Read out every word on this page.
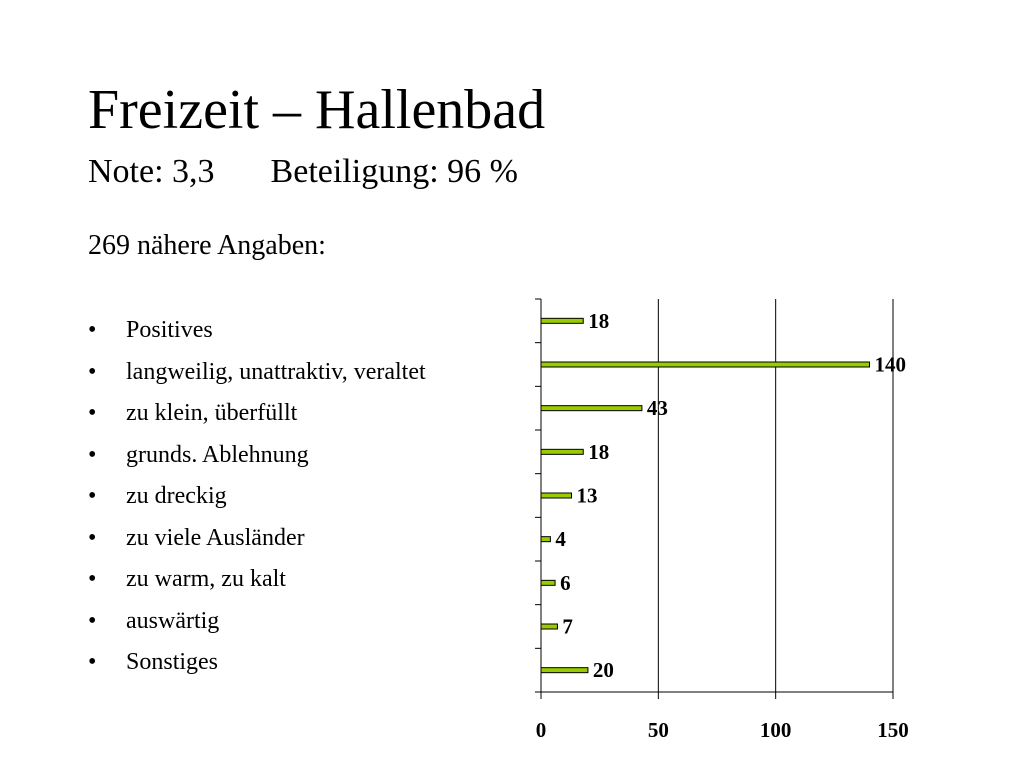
Freizeit – Hallenbad
Note: 3,3 Beteiligung: 96 %
269 nähere Angaben:
• Positives
• langweilig, unattraktiv, veraltet
• zu klein, überfüllt
• grunds. Ablehnung
• zu dreckig
• zu viele Ausländer
• zu warm, zu kalt
• auswärtig
• Sonstiges
0	50	100	150
18
140
43
18
13
4
6
7
20
